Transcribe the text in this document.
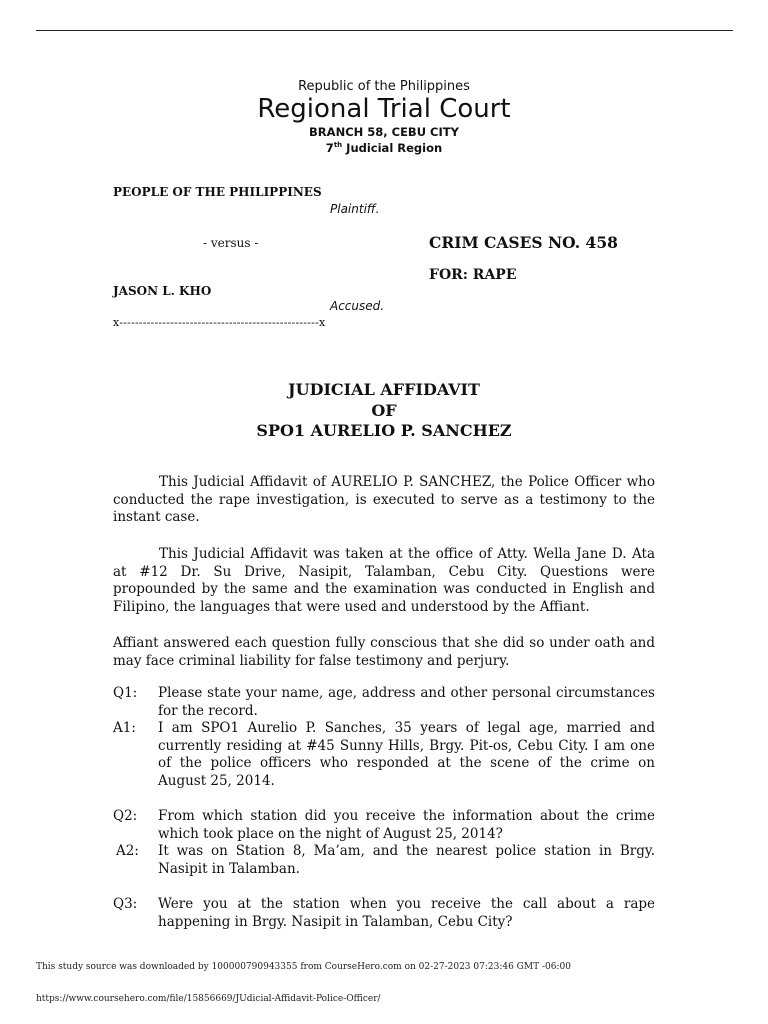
Republic of the Philippines
Regional Trial Court
BRANCH 58, CEBU CITY
7th Judicial Region
PEOPLE OF THE PHILIPPINES
Plaintiff.
- versus -	CRIM CASES NO. 458
FOR: RAPE
JASON L. KHO
Accused.
x---------------------------------------------------x
JUDICIAL AFFIDAVIT
OF
SPO1 AURELIO P. SANCHEZ
This Judicial Affidavit of AURELIO P. SANCHEZ, the Police Officer who conducted the rape investigation, is executed to serve as a testimony to the instant case.
This Judicial Affidavit was taken at the office of Atty. Wella Jane D. Ata at #12 Dr. Su Drive, Nasipit, Talamban, Cebu City. Questions were propounded by the same and the examination was conducted in English and Filipino, the languages that were used and understood by the Affiant.
Affiant answered each question fully conscious that she did so under oath and may face criminal liability for false testimony and perjury.
Q1:	Please state your name, age, address and other personal circumstances for the record.
A1:	I am SPO1 Aurelio P. Sanches, 35 years of legal age, married and currently residing at #45 Sunny Hills, Brgy. Pit-os, Cebu City. I am one of the police officers who responded at the scene of the crime on August 25, 2014.
Q2:	From which station did you receive the information about the crime which took place on the night of August 25, 2014?
A2:	It was on Station 8, Ma’am, and the nearest police station in Brgy. Nasipit in Talamban.
Q3:	Were you at the station when you receive the call about a rape happening in Brgy. Nasipit in Talamban, Cebu City?
This study source was downloaded by 100000790943355 from CourseHero.com on 02-27-2023 07:23:46 GMT -06:00
https://www.coursehero.com/file/15856669/JUdicial-Affidavit-Police-Officer/
